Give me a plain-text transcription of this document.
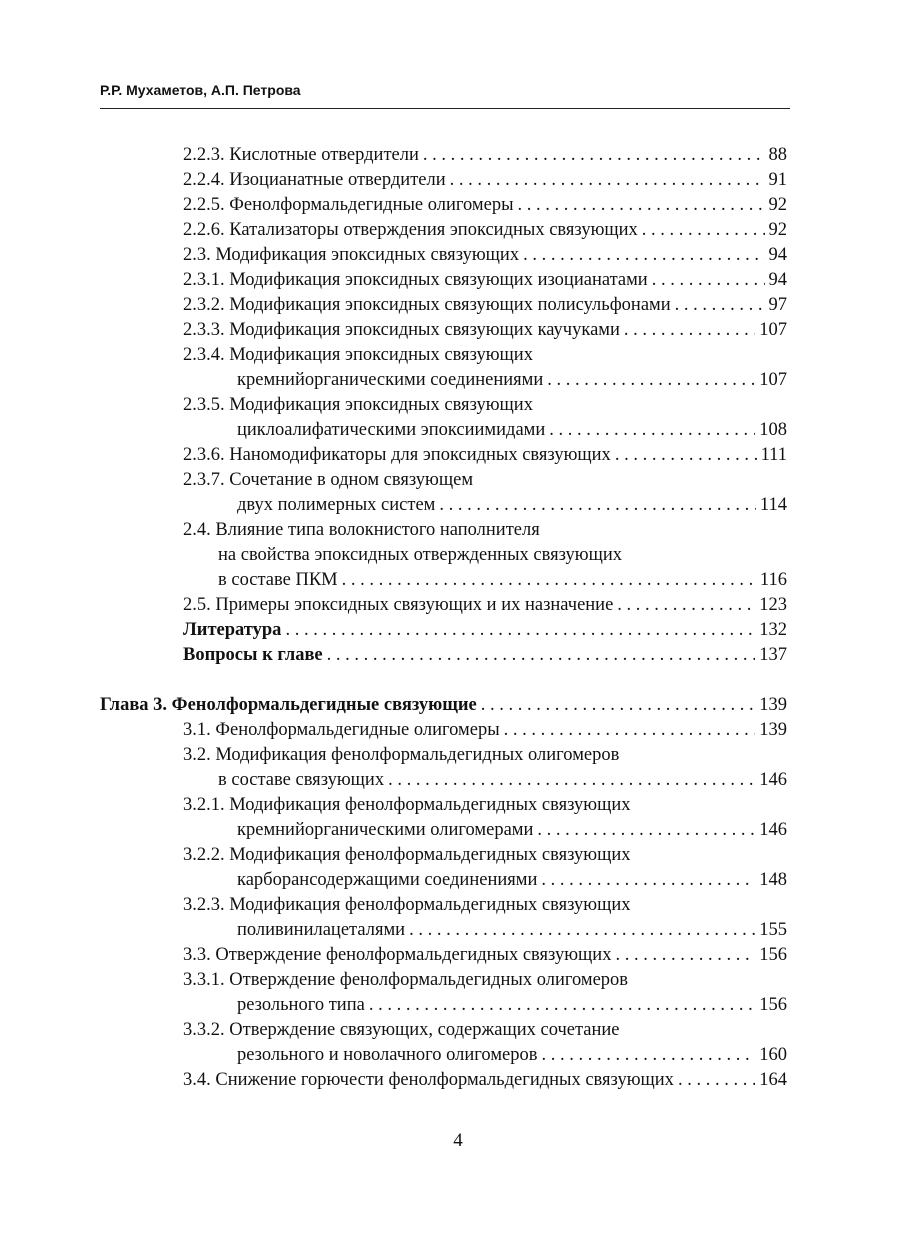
Р.Р. Мухаметов, А.П. Петрова
2.2.3. Кислотные отвердители . . .	88
2.2.4. Изоцианатные отвердители . . .	91
2.2.5. Фенолформальдегидные олигомеры . . .	92
2.2.6. Катализаторы отверждения эпоксидных связующих . . .	92
2.3. Модификация эпоксидных связующих . . .	94
2.3.1. Модификация эпоксидных связующих изоцианатами . . .	94
2.3.2. Модификация эпоксидных связующих полисульфонами . . .	97
2.3.3. Модификация эпоксидных связующих каучуками . . .	107
2.3.4. Модификация эпоксидных связующих
кремнийорганическими соединениями . . .	107
2.3.5. Модификация эпоксидных связующих
циклоалифатическими эпоксиимидами . . .	108
2.3.6. Наномодификаторы для эпоксидных связующих . . .	111
2.3.7. Сочетание в одном связующем
двух полимерных систем . . .	114
2.4. Влияние типа волокнистого наполнителя
на свойства эпоксидных отвержденных связующих
в составе ПКМ . . .	116
2.5. Примеры эпоксидных связующих и их назначение . . .	123
Литература . . .	132
Вопросы к главе . . .	137
Глава 3. Фенолформальдегидные связующие . . .	139
3.1. Фенолформальдегидные олигомеры . . .	139
3.2. Модификация фенолформальдегидных олигомеров
в составе связующих . . .	146
3.2.1. Модификация фенолформальдегидных связующих
кремнийорганическими олигомерами . . .	146
3.2.2. Модификация фенолформальдегидных связующих
карборансодержащими соединениями . . .	148
3.2.3. Модификация фенолформальдегидных связующих
поливинилацеталями . . .	155
3.3. Отверждение фенолформальдегидных связующих . . .	156
3.3.1. Отверждение фенолформальдегидных олигомеров
резольного типа . . .	156
3.3.2. Отверждение связующих, содержащих сочетание
резольного и новолачного олигомеров . . .	160
3.4. Снижение горючести фенолформальдегидных связующих . . .	164
4
